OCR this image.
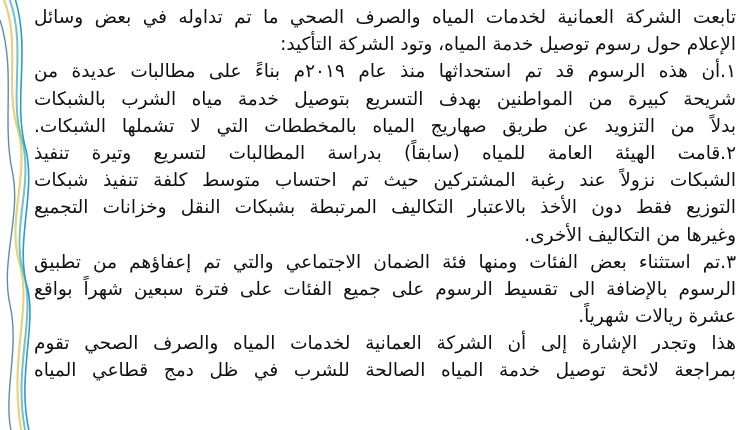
تابعت الشركة العمانية لخدمات المياه والصرف الصحي ما تم تداوله في بعض وسائل
الإعلام حول رسوم توصيل خدمة المياه، وتود الشركة التأكيد:
١.أن هذه الرسوم قد تم استحداثها منذ عام ٢٠١٩م بناءً على مطالبات عديدة من
شريحة كبيرة من المواطنين بهدف التسريع بتوصيل خدمة مياه الشرب بالشبكات
بدلاً من التزويد عن طريق صهاريج المياه بالمخططات التي لا تشملها الشبكات.
٢.قامت الهيئة العامة للمياه (سابقاً) بدراسة المطالبات لتسريع وتيرة تنفيذ
الشبكات نزولاً عند رغبة المشتركين حيث تم احتساب متوسط كلفة تنفيذ شبكات
التوزيع فقط دون الأخذ بالاعتبار التكاليف المرتبطة بشبكات النقل وخزانات التجميع
وغيرها من التكاليف الأخرى.
٣.تم استثناء بعض الفئات ومنها فئة الضمان الاجتماعي والتي تم إعفاؤهم من تطبيق
الرسوم بالإضافة الى تقسيط الرسوم على جميع الفئات على فترة سبعين شهراً بواقع
عشرة ريالات شهرياً.
هذا وتجدر الإشارة إلى أن الشركة العمانية لخدمات المياه والصرف الصحي تقوم
بمراجعة لائحة توصيل خدمة المياه الصالحة للشرب في ظل دمج قطاعي المياه
